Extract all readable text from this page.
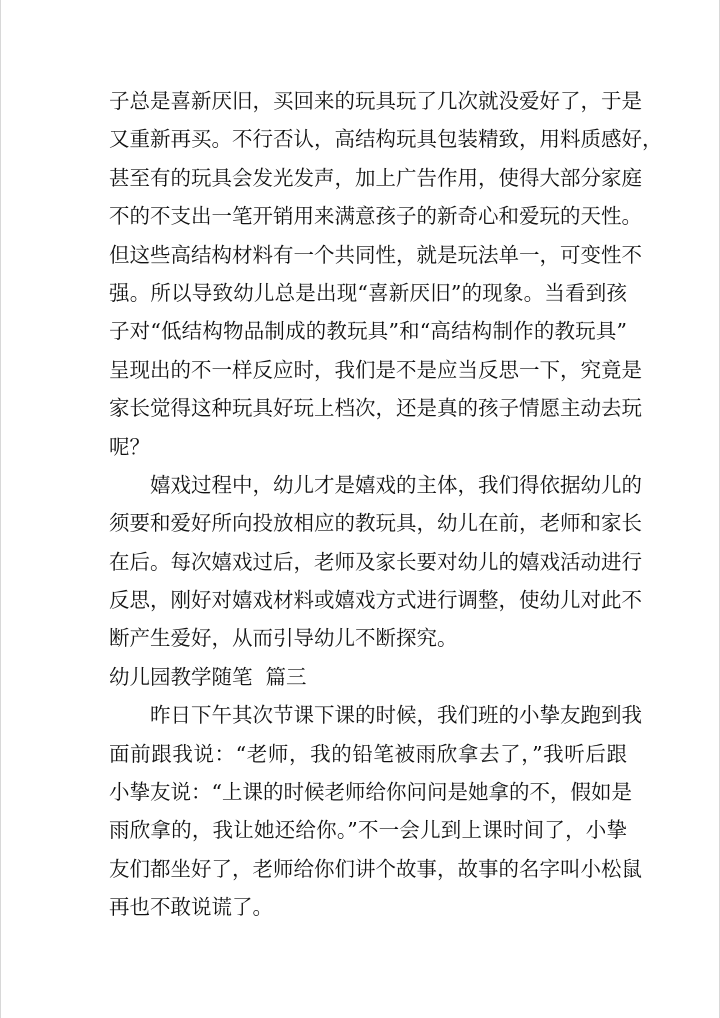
子总是喜新厌旧，买回来的玩具玩了几次就没爱好了，于是
又重新再买。不行否认，高结构玩具包装精致，用料质感好，
甚至有的玩具会发光发声，加上广告作用，使得大部分家庭
不的不支出一笔开销用来满意孩子的新奇心和爱玩的天性。
但这些高结构材料有一个共同性，就是玩法单一，可变性不
强。所以导致幼儿总是出现“喜新厌旧”的现象。当看到孩
子对“低结构物品制成的教玩具”和“高结构制作的教玩具”
呈现出的不一样反应时，我们是不是应当反思一下，究竟是
家长觉得这种玩具好玩上档次，还是真的孩子情愿主动去玩
呢？
嬉戏过程中，幼儿才是嬉戏的主体，我们得依据幼儿的
须要和爱好所向投放相应的教玩具，幼儿在前，老师和家长
在后。每次嬉戏过后，老师及家长要对幼儿的嬉戏活动进行
反思，刚好对嬉戏材料或嬉戏方式进行调整，使幼儿对此不
断产生爱好，从而引导幼儿不断探究。
幼儿园教学随笔  篇三
昨日下午其次节课下课的时候，我们班的小挚友跑到我
面前跟我说：“老师，我的铅笔被雨欣拿去了，”我听后跟
小挚友说：“上课的时候老师给你问问是她拿的不，假如是
雨欣拿的，我让她还给你。”不一会儿到上课时间了，小挚
友们都坐好了，老师给你们讲个故事，故事的名字叫小松鼠
再也不敢说谎了。
